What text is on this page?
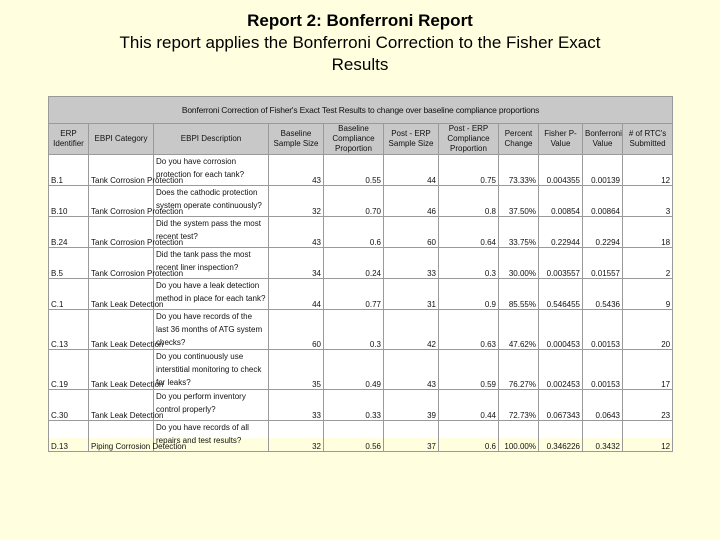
Report 2: Bonferroni Report
This report applies the Bonferroni Correction to the Fisher Exact
Results
Bonferroni Correction of Fisher's Exact Test Results to change over baseline compliance proportions										
ERP Identifier	EBPI Category	EBPI Description	Baseline Sample Size	Baseline Compliance Proportion	Post - ERP Sample Size	Post - ERP Compliance Proportion	Percent Change	Fisher P-Value	Bonferroni Value	# of RTC's Submitted
B.1	Tank Corrosion Protection	Do you have corrosion protection for each tank?	43	0.55	44	0.75	73.33%	0.004355	0.00139	12
B.10	Tank Corrosion Protection	Does the cathodic protection system operate continuously?	32	0.70	46	0.8	37.50%	0.00854	0.00864	3
B.24	Tank Corrosion Protection	Did the system pass the most recent test?	43	0.6	60	0.64	33.75%	0.22944	0.2294	18
B.5	Tank Corrosion Protection	Did the tank pass the most recent liner inspection?	34	0.24	33	0.3	30.00%	0.003557	0.01557	2
C.1	Tank Leak Detection	Do you have a leak detection method in place for each tank?	44	0.77	31	0.9	85.55%	0.546455	0.5436	9
C.13	Tank Leak Detection	Do you have records of the last 36 months of ATG system checks?	60	0.3	42	0.63	47.62%	0.000453	0.00153	20
C.19	Tank Leak Detection	Do you continuously use interstitial monitoring to check for leaks?	35	0.49	43	0.59	76.27%	0.002453	0.00153	17
C.30	Tank Leak Detection	Do you perform inventory control properly?	33	0.33	39	0.44	72.73%	0.067343	0.0643	23
D.13	Piping Corrosion Detection	Do you have records of all repairs and test results?	32	0.56	37	0.6	100.00%	0.346226	0.3432	12
